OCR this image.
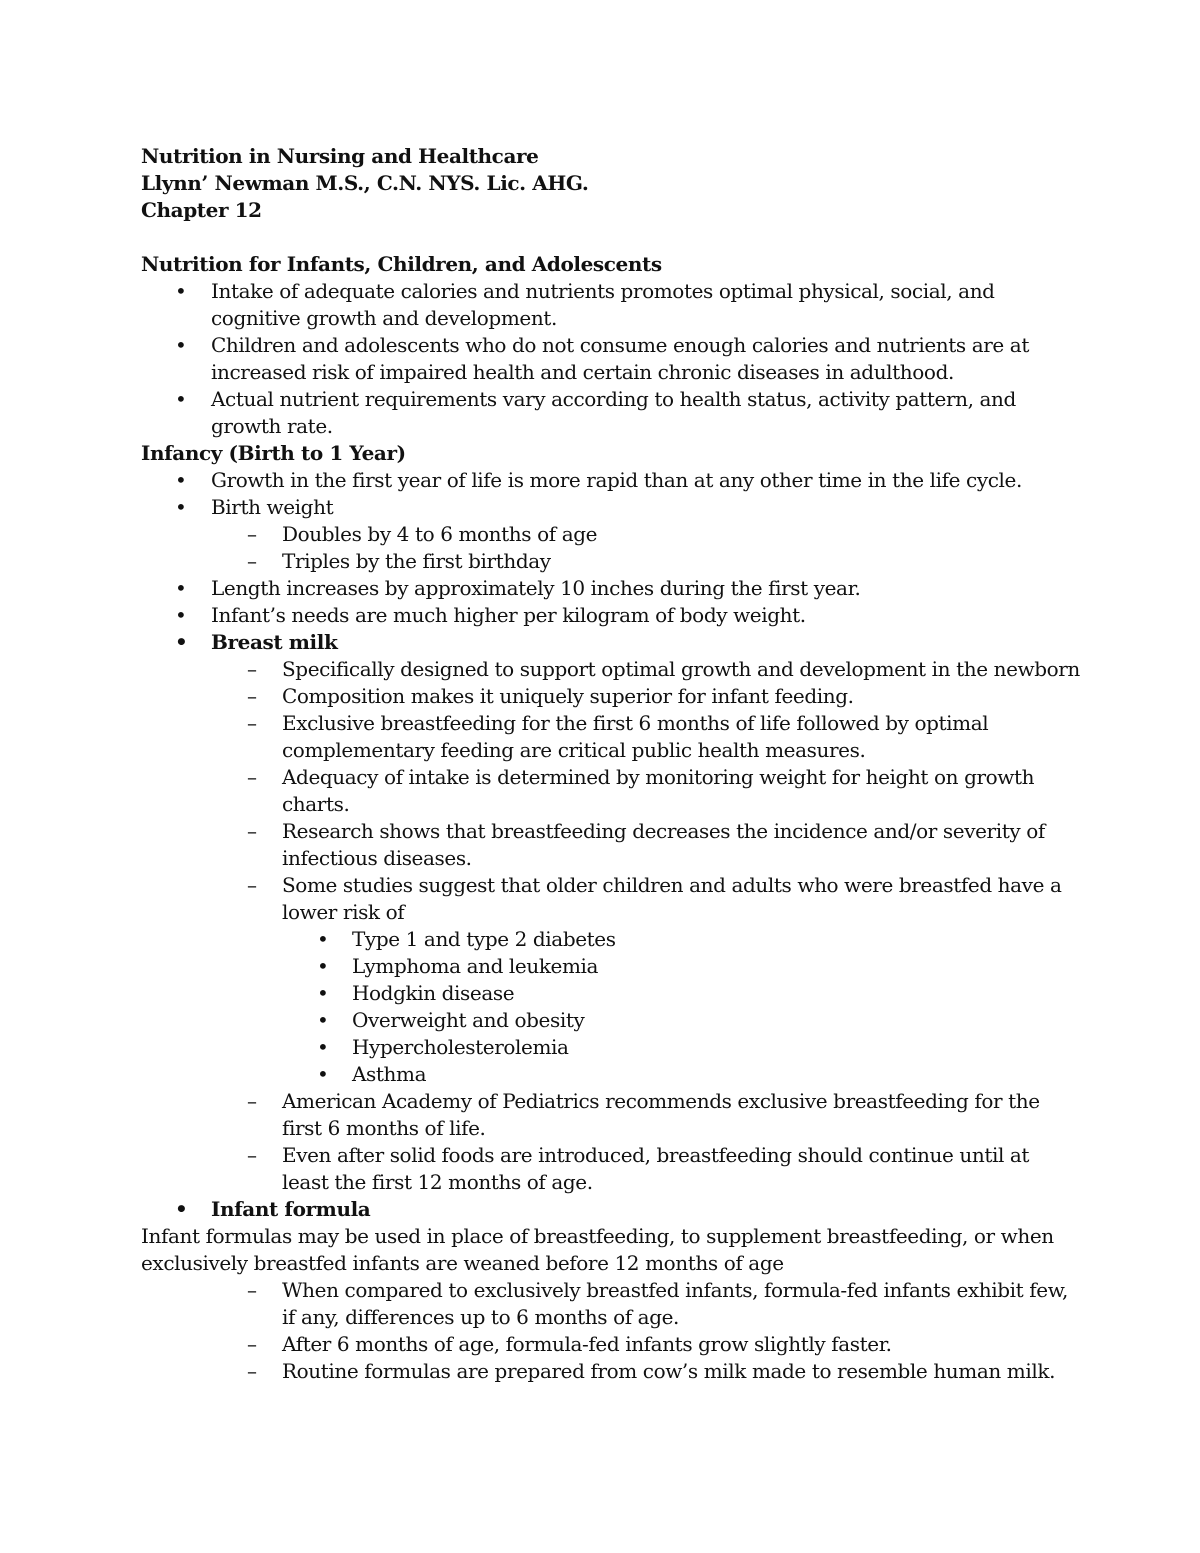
Nutrition in Nursing and Healthcare

Llynn’ Newman M.S., C.N. NYS. Lic. AHG.

Chapter 12

Nutrition for Infants, Children, and Adolescents

• Intake of adequate calories and nutrients promotes optimal physical, social, and cognitive growth and development.
• Children and adolescents who do not consume enough calories and nutrients are at increased risk of impaired health and certain chronic diseases in adulthood.
• Actual nutrient requirements vary according to health status, activity pattern, and growth rate.

Infancy (Birth to 1 Year)

• Growth in the first year of life is more rapid than at any other time in the life cycle.
• Birth weight
– Doubles by 4 to 6 months of age
– Triples by the first birthday
• Length increases by approximately 10 inches during the first year.
• Infant’s needs are much higher per kilogram of body weight.
• Breast milk
– Specifically designed to support optimal growth and development in the newborn
– Composition makes it uniquely superior for infant feeding.
– Exclusive breastfeeding for the first 6 months of life followed by optimal complementary feeding are critical public health measures.
– Adequacy of intake is determined by monitoring weight for height on growth charts.
– Research shows that breastfeeding decreases the incidence and/or severity of infectious diseases.
– Some studies suggest that older children and adults who were breastfed have a lower risk of
• Type 1 and type 2 diabetes
• Lymphoma and leukemia
• Hodgkin disease
• Overweight and obesity
• Hypercholesterolemia
• Asthma
– American Academy of Pediatrics recommends exclusive breastfeeding for the first 6 months of life.
– Even after solid foods are introduced, breastfeeding should continue until at least the first 12 months of age.
• Infant formula

Infant formulas may be used in place of breastfeeding, to supplement breastfeeding, or when exclusively breastfed infants are weaned before 12 months of age

– When compared to exclusively breastfed infants, formula-fed infants exhibit few, if any, differences up to 6 months of age.
– After 6 months of age, formula-fed infants grow slightly faster.
– Routine formulas are prepared from cow’s milk made to resemble human milk.
